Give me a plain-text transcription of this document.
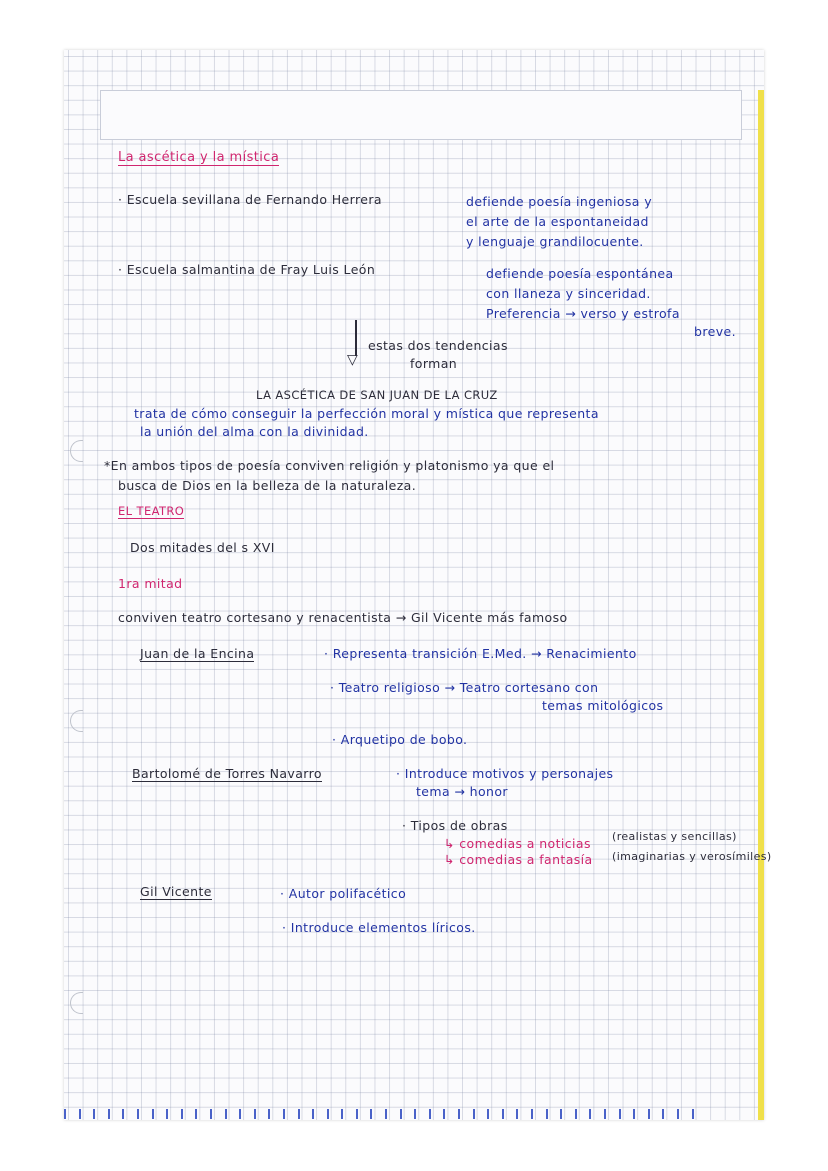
La ascética y la mística
· Escuela sevillana de Fernando Herrera	defiende poesía ingeniosa y
el arte de la espontaneidad
y lenguaje grandilocuente.
· Escuela salmantina de Fray Luis León	defiende poesía espontánea
con llaneza y sinceridad.
Preferencia → verso y estrofa
breve.
▽
estas dos tendencias
forman
LA ASCÉTICA DE SAN JUAN DE LA CRUZ
trata de cómo conseguir la perfección moral y mística que representa
la unión del alma con la divinidad.
*En ambos tipos de poesía conviven religión y platonismo ya que el
busca de Dios en la belleza de la naturaleza.
EL TEATRO
Dos mitades del s XVI
1ra mitad
conviven teatro cortesano y renacentista → Gil Vicente más famoso
Juan de la Encina	· Representa transición E.Med. → Renacimiento
· Teatro religioso → Teatro cortesano con
temas mitológicos
· Arquetipo de bobo.
Bartolomé de Torres Navarro	· Introduce motivos y personajes
tema → honor
· Tipos de obras
↳ comedias a noticias
↳ comedias a fantasía
(realistas y sencillas)
(imaginarias y verosímiles)
Gil Vicente	· Autor polifacético
· Introduce elementos líricos.
